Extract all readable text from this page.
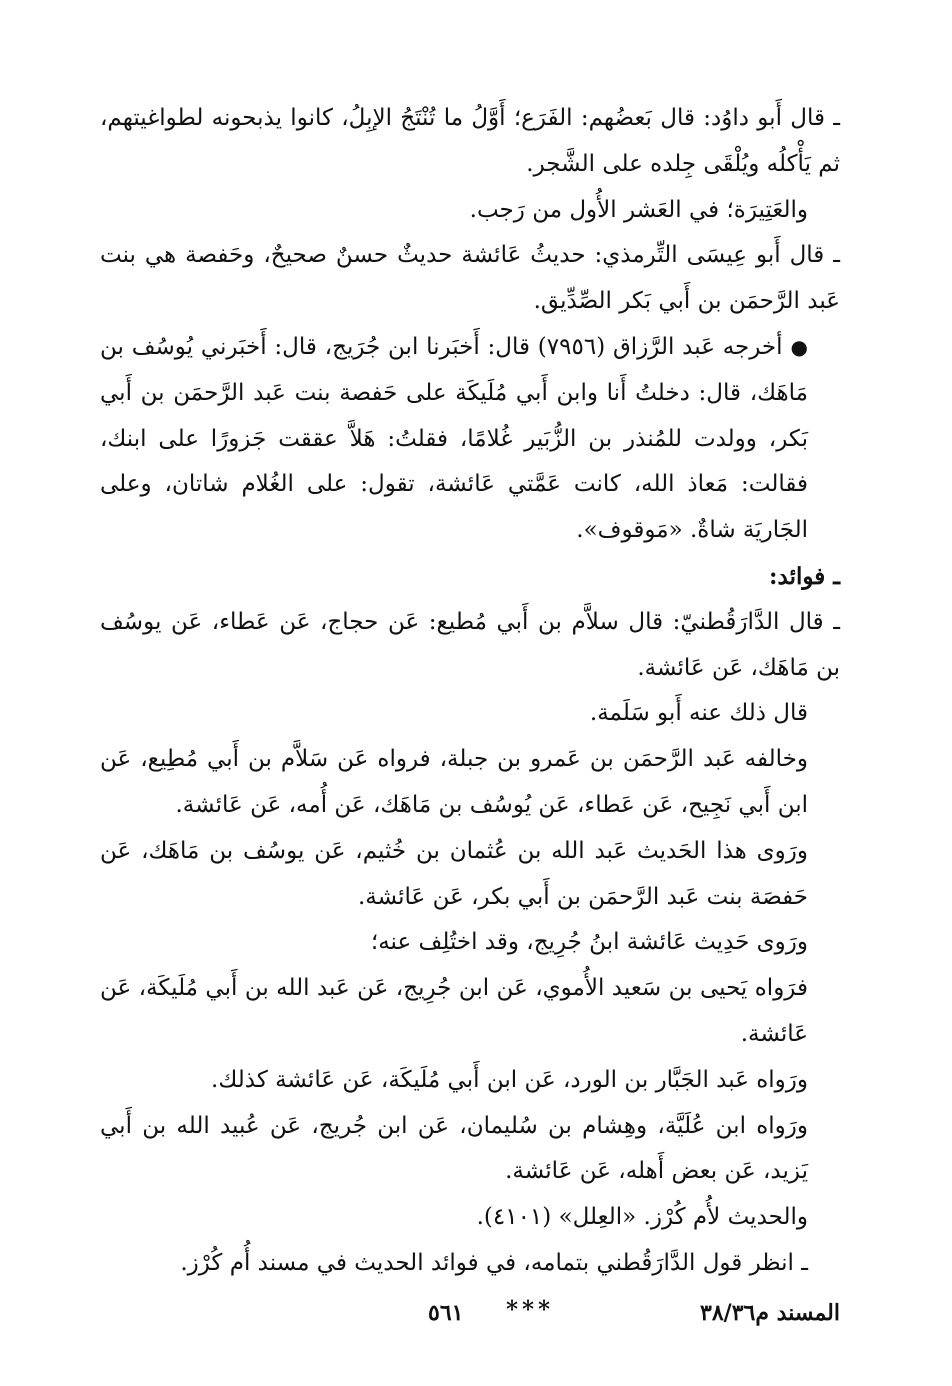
ـ قال أَبو داوُد: قال بَعضُهم: الفَرَع؛ أَوَّلُ ما تُنْتَجُ الإبِلُ، كانوا يذبحونه لطواغيتهم، ثم يَأْكلُه ويُلْقَى جِلده على الشَّجر.

والعَتِيرَة؛ في العَشر الأُول من رَجب.

ـ قال أَبو عِيسَى التِّرمذي: حديثُ عَائشة حديثٌ حسنٌ صحيحٌ، وحَفصة هي بنت عَبد الرَّحمَن بن أَبي بَكر الصِّدِّيق.

●أخرجه عَبد الرَّزاق (٧٩٥٦) قال: أَخبَرنا ابن جُرَيج، قال: أَخبَرني يُوسُف بن مَاهَك، قال: دخلتُ أَنا وابن أَبي مُلَيكَة على حَفصة بنت عَبد الرَّحمَن بن أَبي بَكر، وولدت للمُنذر بن الزُّبَير غُلامًا، فقلتُ: هَلاَّ عققت جَزورًا على ابنك، فقالت: مَعاذ الله، كانت عَمَّتي عَائشة، تقول: على الغُلام شاتان، وعلى الجَاريَة شاةٌ. «مَوقوف».

ـ فوائد:

ـ قال الدَّارَقُطنيّ: قال سلاَّم بن أَبي مُطيع: عَن حجاج، عَن عَطاء، عَن يوسُف بن مَاهَك، عَن عَائشة.

قال ذلك عنه أَبو سَلَمة.

وخالفه عَبد الرَّحمَن بن عَمرو بن جبلة، فرواه عَن سَلاَّم بن أَبي مُطِيع، عَن ابن أَبي نَجِيح، عَن عَطاء، عَن يُوسُف بن مَاهَك، عَن أُمه، عَن عَائشة.

ورَوى هذا الحَديث عَبد الله بن عُثمان بن خُثيم، عَن يوسُف بن مَاهَك، عَن حَفصَة بنت عَبد الرَّحمَن بن أَبي بكر، عَن عَائشة.

ورَوى حَدِيث عَائشة ابنُ جُرِيج، وقد اختُلِف عنه؛

فرَواه يَحيى بن سَعيد الأُموي، عَن ابن جُرِيج، عَن عَبد الله بن أَبي مُلَيكَة، عَن عَائشة.

ورَواه عَبد الجَبَّار بن الورد، عَن ابن أَبي مُلَيكَة، عَن عَائشة كذلك.

ورَواه ابن عُلَيَّة، وهِشام بن سُليمان، عَن ابن جُريج، عَن عُبيد الله بن أَبي يَزيد، عَن بعض أَهله، عَن عَائشة.

والحديث لأُم كُرْز. «العِلل» (٤١٠١).

ـ انظر قول الدَّارَقُطني بتمامه، في فوائد الحديث في مسند أُم كُرْز.

***	المسند م٣٨/٣٦
٥٦١
